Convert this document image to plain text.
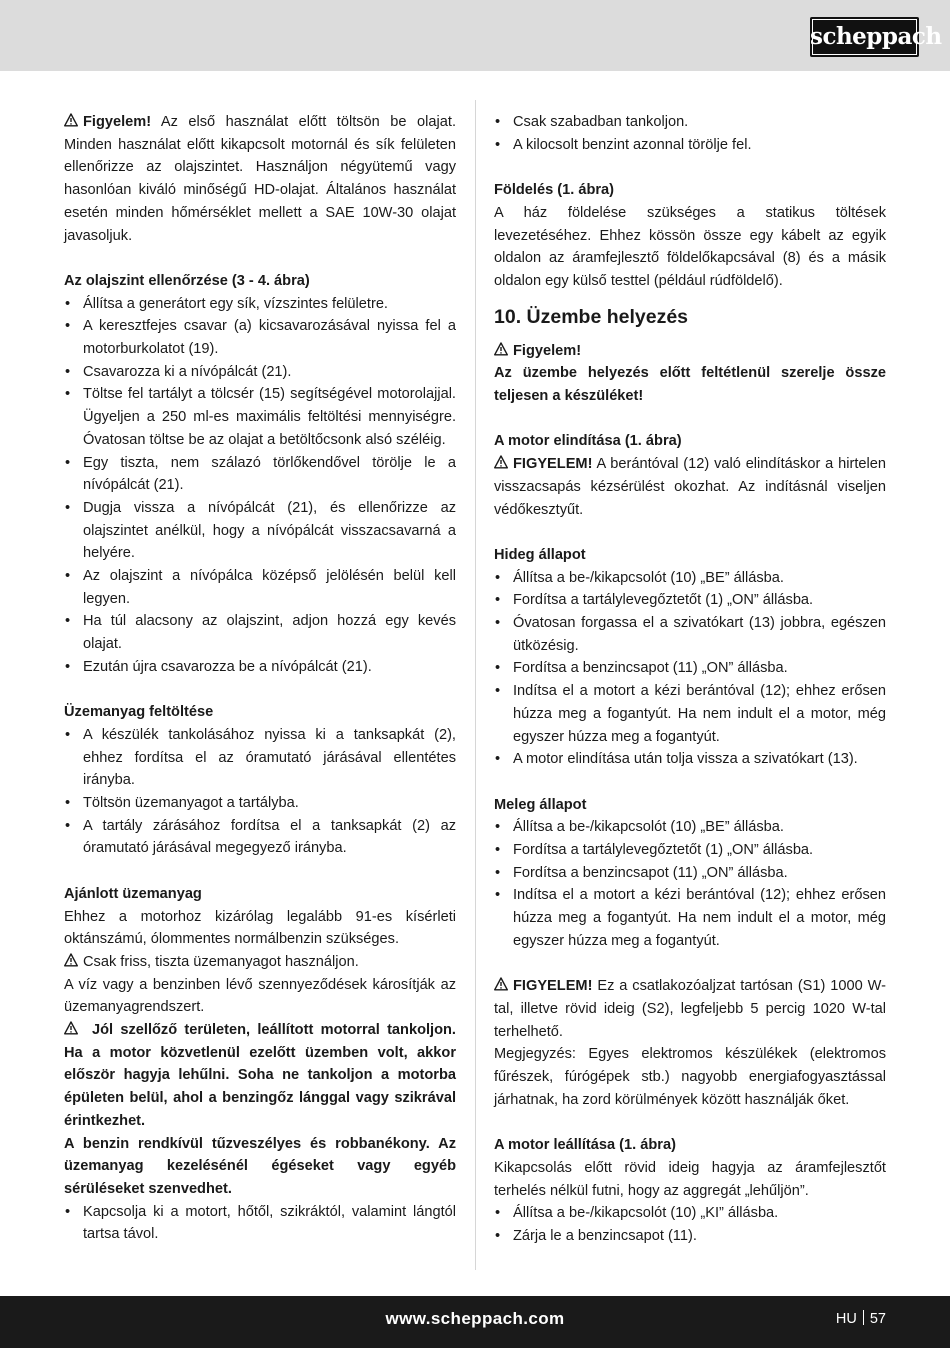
scheppach

Figyelem! Az első használat előtt töltsön be olajat. Minden használat előtt kikapcsolt motornál és sík felületen ellenőrizze az olajszintet. Használjon négyütemű vagy hasonlóan kiváló minőségű HD-olajat. Általános használat esetén minden hőmérséklet mellett a SAE 10W-30 olajat javasoljuk.

Az olajszint ellenőrzése (3 - 4. ábra)

• Állítsa a generátort egy sík, vízszintes felületre.
• A keresztfejes csavar (a) kicsavarozásával nyissa fel a motorburkolatot (19).
• Csavarozza ki a nívópálcát (21).
• Töltse fel tartályt a tölcsér (15) segítségével motorolajjal. Ügyeljen a 250 ml-es maximális feltöltési mennyiségre. Óvatosan töltse be az olajat a betöltőcsonk alsó széléig.
• Egy tiszta, nem szálazó törlőkendővel törölje le a nívópálcát (21).
• Dugja vissza a nívópálcát (21), és ellenőrizze az olajszintet anélkül, hogy a nívópálcát visszacsavarná a helyére.
• Az olajszint a nívópálca középső jelölésén belül kell legyen.
• Ha túl alacsony az olajszint, adjon hozzá egy kevés olajat.
• Ezután újra csavarozza be a nívópálcát (21).

Üzemanyag feltöltése

• A készülék tankolásához nyissa ki a tanksapkát (2), ehhez fordítsa el az óramutató járásával ellentétes irányba.
• Töltsön üzemanyagot a tartályba.
• A tartály zárásához fordítsa el a tanksapkát (2) az óramutató járásával megegyező irányba.

Ajánlott üzemanyag

Ehhez a motorhoz kizárólag legalább 91-es kísérleti oktánszámú, ólommentes normálbenzin szükséges.

Csak friss, tiszta üzemanyagot használjon.

A víz vagy a benzinben lévő szennyeződések károsítják az üzemanyagrendszert.

Jól szellőző területen, leállított motorral tankoljon. Ha a motor közvetlenül ezelőtt üzemben volt, akkor először hagyja lehűlni. Soha ne tankoljon a motorba épületen belül, ahol a benzingőz lánggal vagy szikrával érintkezhet.

A benzin rendkívül tűzveszélyes és robbanékony. Az üzemanyag kezelésénél égéseket vagy egyéb sérüléseket szenvedhet.

• Kapcsolja ki a motort, hőtől, szikráktól, valamint lángtól tartsa távol.
• Csak szabadban tankoljon.
• A kilocsolt benzint azonnal törölje fel.

Földelés (1. ábra)

A ház földelése szükséges a statikus töltések levezetéséhez. Ehhez kössön össze egy kábelt az egyik oldalon az áramfejlesztő földelőkapcsával (8) és a másik oldalon egy külső testtel (például rúdföldelő).

10. Üzembe helyezés

Figyelem!

Az üzembe helyezés előtt feltétlenül szerelje össze teljesen a készüléket!

A motor elindítása (1. ábra)

FIGYELEM! A berántóval (12) való elindításkor a hirtelen visszacsapás kézsérülést okozhat. Az indításnál viseljen védőkesztyűt.

Hideg állapot

• Állítsa a be-/kikapcsolót (10) „BE” állásba.
• Fordítsa a tartálylevegőztetőt (1) „ON” állásba.
• Óvatosan forgassa el a szivatókart (13) jobbra, egészen ütközésig.
• Fordítsa a benzincsapot (11) „ON” állásba.
• Indítsa el a motort a kézi berántóval (12); ehhez erősen húzza meg a fogantyút. Ha nem indult el a motor, még egyszer húzza meg a fogantyút.
• A motor elindítása után tolja vissza a szivatókart (13).

Meleg állapot

• Állítsa a be-/kikapcsolót (10) „BE” állásba.
• Fordítsa a tartálylevegőztetőt (1) „ON” állásba.
• Fordítsa a benzincsapot (11) „ON” állásba.
• Indítsa el a motort a kézi berántóval (12); ehhez erősen húzza meg a fogantyút. Ha nem indult el a motor, még egyszer húzza meg a fogantyút.

FIGYELEM! Ez a csatlakozóaljzat tartósan (S1) 1000 W-tal, illetve rövid ideig (S2), legfeljebb 5 percig 1020 W-tal terhelhető.

Megjegyzés: Egyes elektromos készülékek (elektromos fűrészek, fúrógépek stb.) nagyobb energiafogyasztással járhatnak, ha zord körülmények között használják őket.

A motor leállítása (1. ábra)

Kikapcsolás előtt rövid ideig hagyja az áramfejlesztőt terhelés nélkül futni, hogy az aggregát „lehűljön”.

• Állítsa a be-/kikapcsolót (10) „KI” állásba.
• Zárja le a benzincsapot (11).
www.scheppach.com	HU 57
